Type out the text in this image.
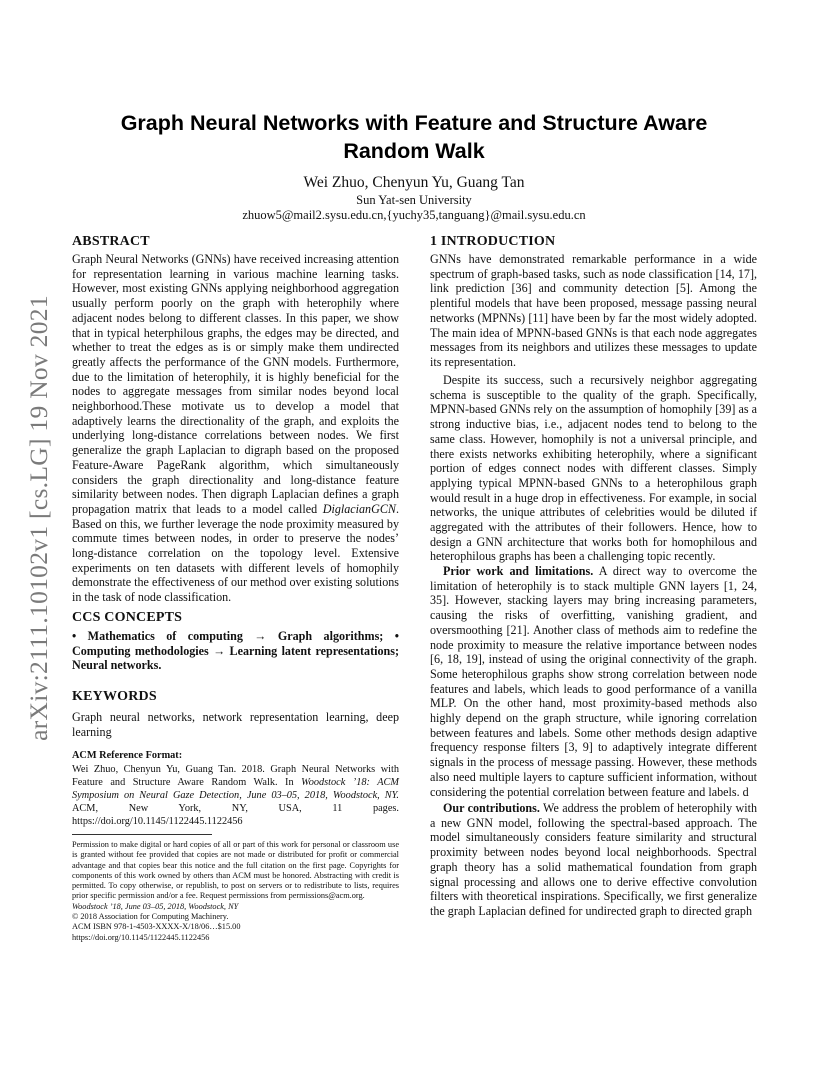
arXiv:2111.10102v1 [cs.LG] 19 Nov 2021
Graph Neural Networks with Feature and Structure Aware
Random Walk
Wei Zhuo, Chenyun Yu, Guang Tan
Sun Yat-sen University
zhuow5@mail2.sysu.edu.cn,{yuchy35,tanguang}@mail.sysu.edu.cn
ABSTRACT

Graph Neural Networks (GNNs) have received increasing attention for representation learning in various machine learning tasks. However, most existing GNNs applying neighborhood aggregation usually perform poorly on the graph with heterophily where adjacent nodes belong to different classes. In this paper, we show that in typical heterphilous graphs, the edges may be directed, and whether to treat the edges as is or simply make them undirected greatly affects the performance of the GNN models. Furthermore, due to the limitation of heterophily, it is highly beneficial for the nodes to aggregate messages from similar nodes beyond local neighborhood.These motivate us to develop a model that adaptively learns the directionality of the graph, and exploits the underlying long-distance correlations between nodes. We first generalize the graph Laplacian to digraph based on the proposed Feature-Aware PageRank algorithm, which simultaneously considers the graph directionality and long-distance feature similarity between nodes. Then digraph Laplacian defines a graph propagation matrix that leads to a model called DiglacianGCN. Based on this, we further leverage the node proximity measured by commute times between nodes, in order to preserve the nodes’ long-distance correlation on the topology level. Extensive experiments on ten datasets with different levels of homophily demonstrate the effectiveness of our method over existing solutions in the task of node classification.

CCS CONCEPTS

• Mathematics of computing → Graph algorithms; • Computing methodologies → Learning latent representations; Neural networks.

KEYWORDS

Graph neural networks, network representation learning, deep learning

ACM Reference Format:

Wei Zhuo, Chenyun Yu, Guang Tan. 2018. Graph Neural Networks with Feature and Structure Aware Random Walk. In Woodstock ’18: ACM Symposium on Neural Gaze Detection, June 03–05, 2018, Woodstock, NY. ACM, New York, NY, USA, 11 pages. https://doi.org/10.1145/1122445.1122456

Permission to make digital or hard copies of all or part of this work for personal or classroom use is granted without fee provided that copies are not made or distributed for profit or commercial advantage and that copies bear this notice and the full citation on the first page. Copyrights for components of this work owned by others than ACM must be honored. Abstracting with credit is permitted. To copy otherwise, or republish, to post on servers or to redistribute to lists, requires prior specific permission and/or a fee. Request permissions from permissions@acm.org.
Woodstock ’18, June 03–05, 2018, Woodstock, NY
© 2018 Association for Computing Machinery.
ACM ISBN 978-1-4503-XXXX-X/18/06…$15.00
https://doi.org/10.1145/1122445.1122456
1 INTRODUCTION

GNNs have demonstrated remarkable performance in a wide spectrum of graph-based tasks, such as node classification [14, 17], link prediction [36] and community detection [5]. Among the plentiful models that have been proposed, message passing neural networks (MPNNs) [11] have been by far the most widely adopted. The main idea of MPNN-based GNNs is that each node aggregates messages from its neighbors and utilizes these messages to update its representation.

Despite its success, such a recursively neighbor aggregating schema is susceptible to the quality of the graph. Specifically, MPNN-based GNNs rely on the assumption of homophily [39] as a strong inductive bias, i.e., adjacent nodes tend to belong to the same class. However, homophily is not a universal principle, and there exists networks exhibiting heterophily, where a significant portion of edges connect nodes with different classes. Simply applying typical MPNN-based GNNs to a heterophilous graph would result in a huge drop in effectiveness. For example, in social networks, the unique attributes of celebrities would be diluted if aggregated with the attributes of their followers. Hence, how to design a GNN architecture that works both for homophilous and heterophilous graphs has been a challenging topic recently.

Prior work and limitations. A direct way to overcome the limitation of heterophily is to stack multiple GNN layers [1, 24, 35]. However, stacking layers may bring increasing parameters, causing the risks of overfitting, vanishing gradient, and oversmoothing [21]. Another class of methods aim to redefine the node proximity to measure the relative importance between nodes [6, 18, 19], instead of using the original connectivity of the graph. Some heterophilous graphs show strong correlation between node features and labels, which leads to good performance of a vanilla MLP. On the other hand, most proximity-based methods also highly depend on the graph structure, while ignoring correlation between features and labels. Some other methods design adaptive frequency response filters [3, 9] to adaptively integrate different signals in the process of message passing. However, these methods also need multiple layers to capture sufficient information, without considering the potential correlation between feature and labels. d

Our contributions. We address the problem of heterophily with a new GNN model, following the spectral-based approach. The model simultaneously considers feature similarity and structural proximity between nodes beyond local neighborhoods. Spectral graph theory has a solid mathematical foundation from graph signal processing and allows one to derive effective convolution filters with theoretical inspirations. Specifically, we first generalize the graph Laplacian defined for undirected graph to directed graph
